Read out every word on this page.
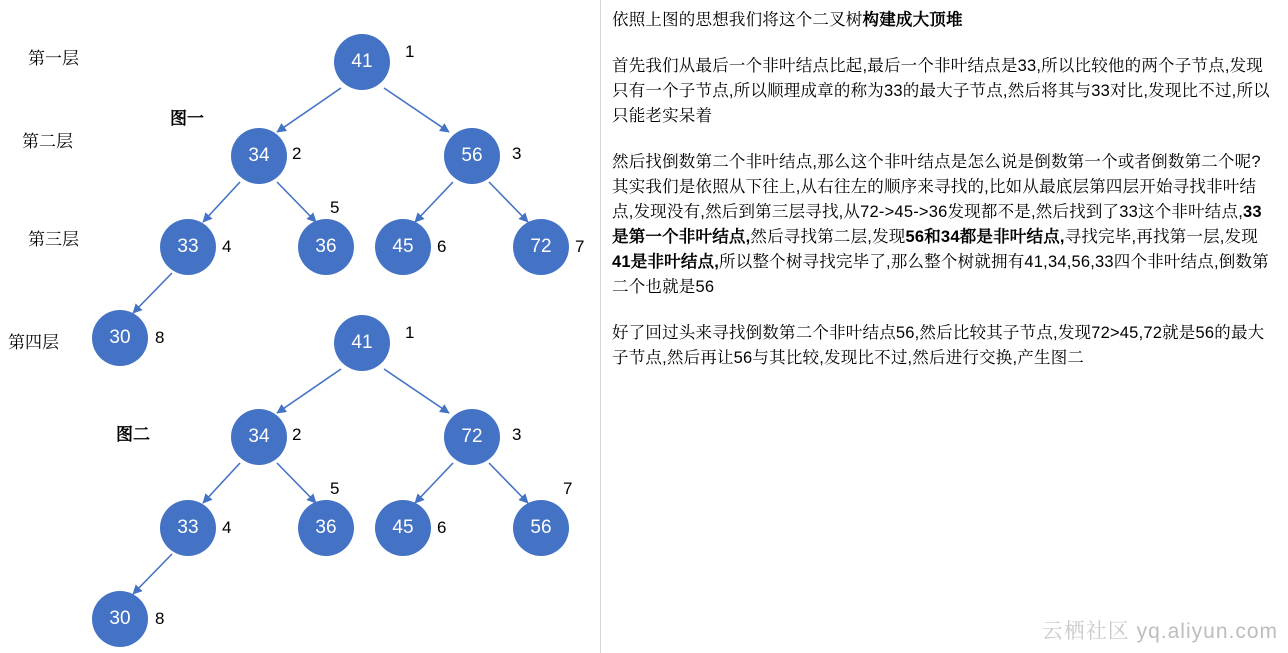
第一层
第二层
第三层
第四层
图一
图二
41	1
34	2	56	3
33	4	36
5
45	6	72	7
30	8	41	1
34	2	72	3
33	4	36
5
45	6	56
7
30	8

依照上图的思想我们将这个二叉树构建成大顶堆

首先我们从最后一个非叶结点比起,最后一个非叶结点是33,所以比较他的两个子节点,发现只有一个子节点,所以顺理成章的称为33的最大子节点,然后将其与33对比,发现比不过,所以只能老实呆着

然后找倒数第二个非叶结点,那么这个非叶结点是怎么说是倒数第一个或者倒数第二个呢?其实我们是依照从下往上,从右往左的顺序来寻找的,比如从最底层第四层开始寻找非叶结点,发现没有,然后到第三层寻找,从72->45->36发现都不是,然后找到了33这个非叶结点,33是第一个非叶结点,然后寻找第二层,发现56和34都是非叶结点,寻找完毕,再找第一层,发现41是非叶结点,所以整个树寻找完毕了,那么整个树就拥有41,34,56,33四个非叶结点,倒数第二个也就是56

好了回过头来寻找倒数第二个非叶结点56,然后比较其子节点,发现72>45,72就是56的最大子节点,然后再让56与其比较,发现比不过,然后进行交换,产生图二

云栖社区 yq.aliyun.com
